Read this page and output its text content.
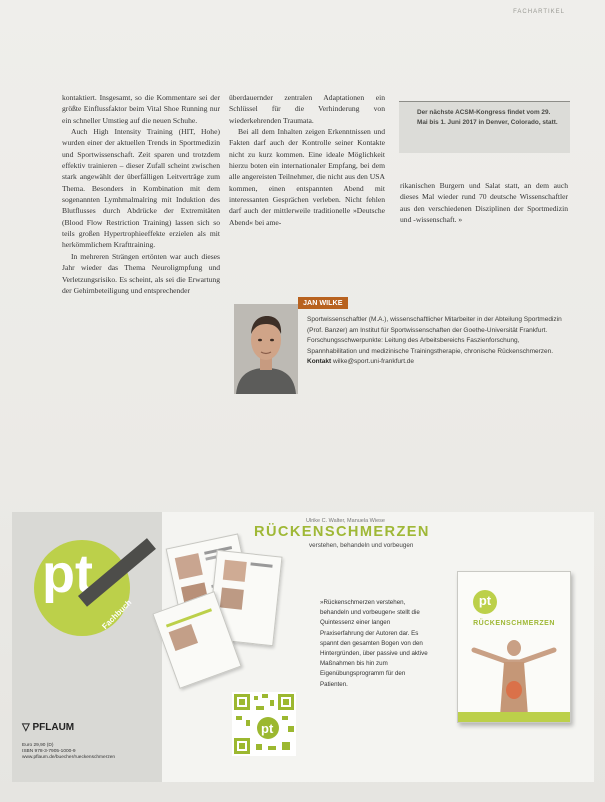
FACHARTIKEL

kontaktiert. Insgesamt, so die Kommentare sei der größte Einflussfaktor beim Vital Shoe Running nur ein schneller Umstieg auf die neuen Schuhe.

Auch High Intensity Training (HIT, Hohe) wurden einer der aktuellen Trends in Sportmedizin und Sportwissenschaft. Zeit sparen und trotzdem effektiv trainieren – dieser Zufall scheint zwischen stark angewählt der überfälligen Leitverträge zum Thema. Besonders in Kombination mit dem sogenannten Lymhmalmalring mit Induktion des Blutflusses durch Abdrücke der Extremitäten (Blood Flow Restriction Training) lassen sich so teils großen Hypertrophieeffekte erzielen als mit herkömmlichem Krafttraining.

In mehreren Strängen ertönten war auch dieses Jahr wieder das Thema Neuroligmpfung und Verletzungsrisiko. Es scheint, als sei die Erwartung der Gehirnbeteiligung und entsprechender

überdauernder zentralen Adaptationen ein Schlüssel für die Verhinderung von wiederkehrenden Traumata.

Bei all dem Inhalten zeigen Erkenntnissen und Fakten darf auch der Kontrolle seiner Kontakte nicht zu kurz kommen. Eine ideale Möglichkeit hierzu boten ein internationaler Empfang, bei dem alle angereisten Teilnehmer, die nicht aus den USA kommen, einen entspannten Abend mit interessanten Gesprächen verleben. Nicht fehlen darf auch der mittlerweile traditionelle »Deutsche Abend« bei ame-

Der nächste ACSM-Kongress findet vom 29. Mai bis 1. Juni 2017 in Denver, Colorado, statt.

rikanischen Burgern und Salat statt, an dem auch dieses Mal wieder rund 70 deutsche Wissenschaftler aus den verschiedenen Disziplinen der Sportmedizin und -wissenschaft. »

JAN WILKE
Sportwissenschaftler (M.A.), wissenschaftlicher Mitarbeiter in der Abteilung Sportmedizin (Prof. Banzer) am Institut für Sportwissenschaften der Goethe-Universität Frankfurt. Forschungsschwerpunkte: Leitung des Arbeitsbereichs Faszienforschung, Spannhabilitation und medizinische Trainingstherapie, chronische Rückenschmerzen.
Kontakt wilke@sport.uni-frankfurt.de
pt
Fachbuch
▽ PFLAUM
Euro 29,90 (D)
ISBN 978-3-7905-1000-9
www.pflaum.de/buecher/rueckenschmerzen
Ulrike C. Walter, Manuela Wiese
RÜCKENSCHMERZEN
verstehen, behandeln und vorbeugen
»Rückenschmerzen verstehen, behandeln und vorbeugen« stellt die Quintessenz einer langen Praxiserfahrung der Autoren dar. Es spannt den gesamten Bogen von den Hintergründen, über passive und aktive Maßnahmen bis hin zum Eigenübungsprogramm für den Patienten.
pt
pt
RÜCKENSCHMERZEN
